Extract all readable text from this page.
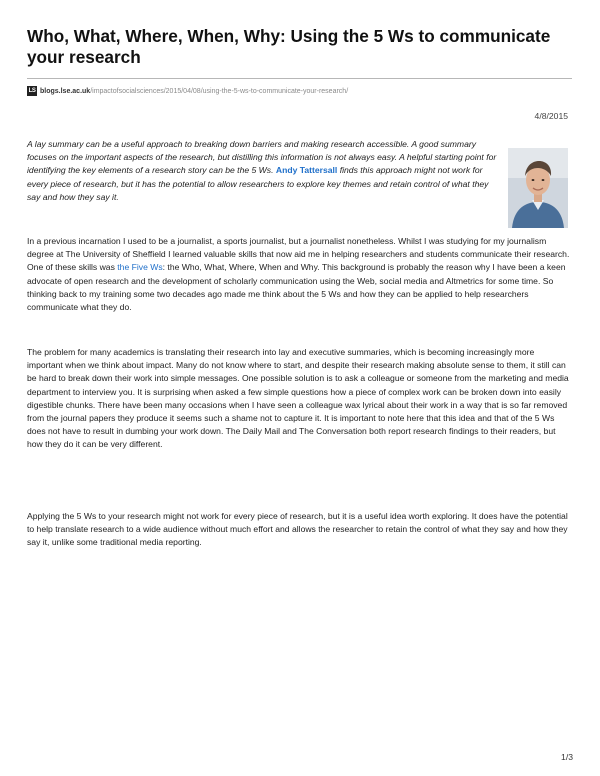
Who, What, Where, When, Why: Using the 5 Ws to communicate your research
LS blogs.lse.ac.uk /impactofsocialsciences/2015/04/08/using-the-5-ws-to-communicate-your-research/
4/8/2015

A lay summary can be a useful approach to breaking down barriers and making research accessible. A good summary focuses on the important aspects of the research, but distilling this information is not always easy. A helpful starting point for identifying the key elements of a research story can be the 5 Ws. Andy Tattersall finds this approach might not work for every piece of research, but it has the potential to allow researchers to explore key themes and retain control of what they say and how they say it.

In a previous incarnation I used to be a journalist, a sports journalist, but a journalist nonetheless. Whilst I was studying for my journalism degree at The University of Sheffield I learned valuable skills that now aid me in helping researchers and students communicate their research. One of these skills was the Five Ws: the Who, What, Where, When and Why. This background is probably the reason why I have been a keen advocate of open research and the development of scholarly communication using the Web, social media and Altmetrics for some time. So thinking back to my training some two decades ago made me think about the 5 Ws and how they can be applied to help researchers communicate what they do.

The problem for many academics is translating their research into lay and executive summaries, which is becoming increasingly more important when we think about impact. Many do not know where to start, and despite their research making absolute sense to them, it still can be hard to break down their work into simple messages. One possible solution is to ask a colleague or someone from the marketing and media department to interview you. It is surprising when asked a few simple questions how a piece of complex work can be broken down into easily digestible chunks. There have been many occasions when I have seen a colleague wax lyrical about their work in a way that is so far removed from the journal papers they produce it seems such a shame not to capture it. It is important to note here that this idea and that of the 5 Ws does not have to result in dumbing your work down. The Daily Mail and The Conversation both report research findings to their readers, but how they do it can be very different.

Applying the 5 Ws to your research might not work for every piece of research, but it is a useful idea worth exploring. It does have the potential to help translate research to a wide audience without much effort and allows the researcher to retain the control of what they say and how they say it, unlike some traditional media reporting.

1/3
